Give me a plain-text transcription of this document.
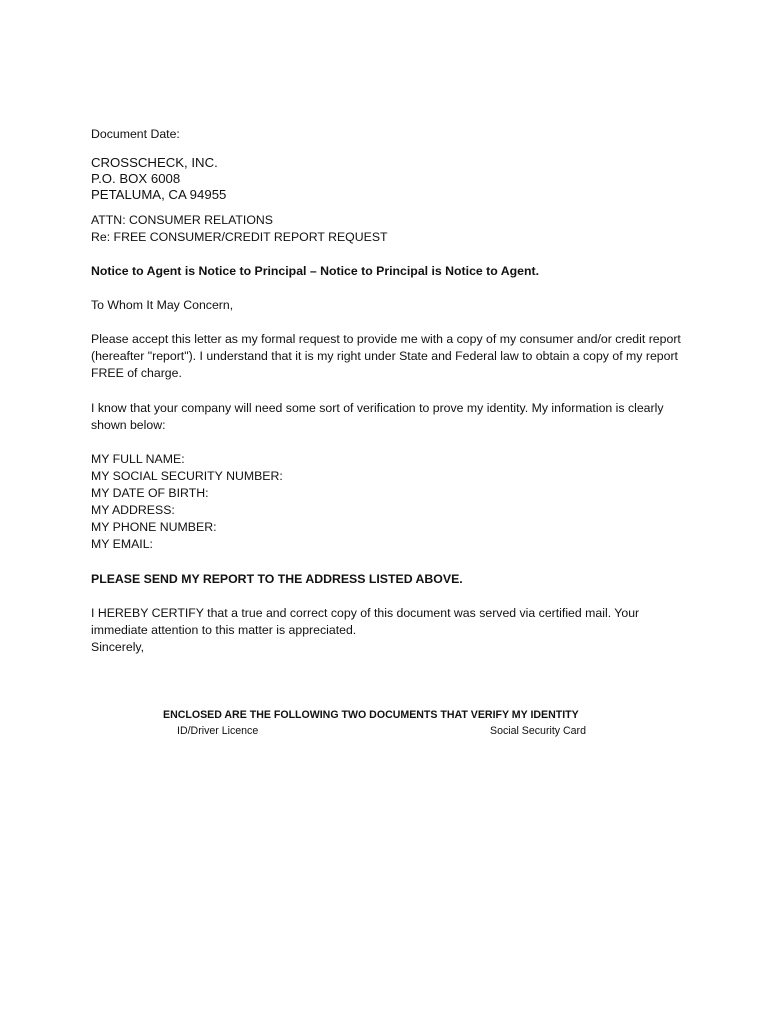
Document Date:

CROSSCHECK, INC.

P.O. BOX 6008

PETALUMA, CA 94955

ATTN: CONSUMER RELATIONS

Re: FREE CONSUMER/CREDIT REPORT REQUEST

Notice to Agent is Notice to Principal – Notice to Principal is Notice to Agent.

To Whom It May Concern,

Please accept this letter as my formal request to provide me with a copy of my consumer and/or credit report (hereafter "report"). I understand that it is my right under State and Federal law to obtain a copy of my report FREE of charge.

I know that your company will need some sort of verification to prove my identity. My information is clearly shown below:

MY FULL NAME:

MY SOCIAL SECURITY NUMBER:

MY DATE OF BIRTH:

MY ADDRESS:

MY PHONE NUMBER:

MY EMAIL:

PLEASE SEND MY REPORT TO THE ADDRESS LISTED ABOVE.

I HEREBY CERTIFY that a true and correct copy of this document was served via certified mail. Your immediate attention to this matter is appreciated.

Sincerely,

ENCLOSED ARE THE FOLLOWING TWO DOCUMENTS THAT VERIFY MY IDENTITY

ID/Driver Licence	Social Security Card
